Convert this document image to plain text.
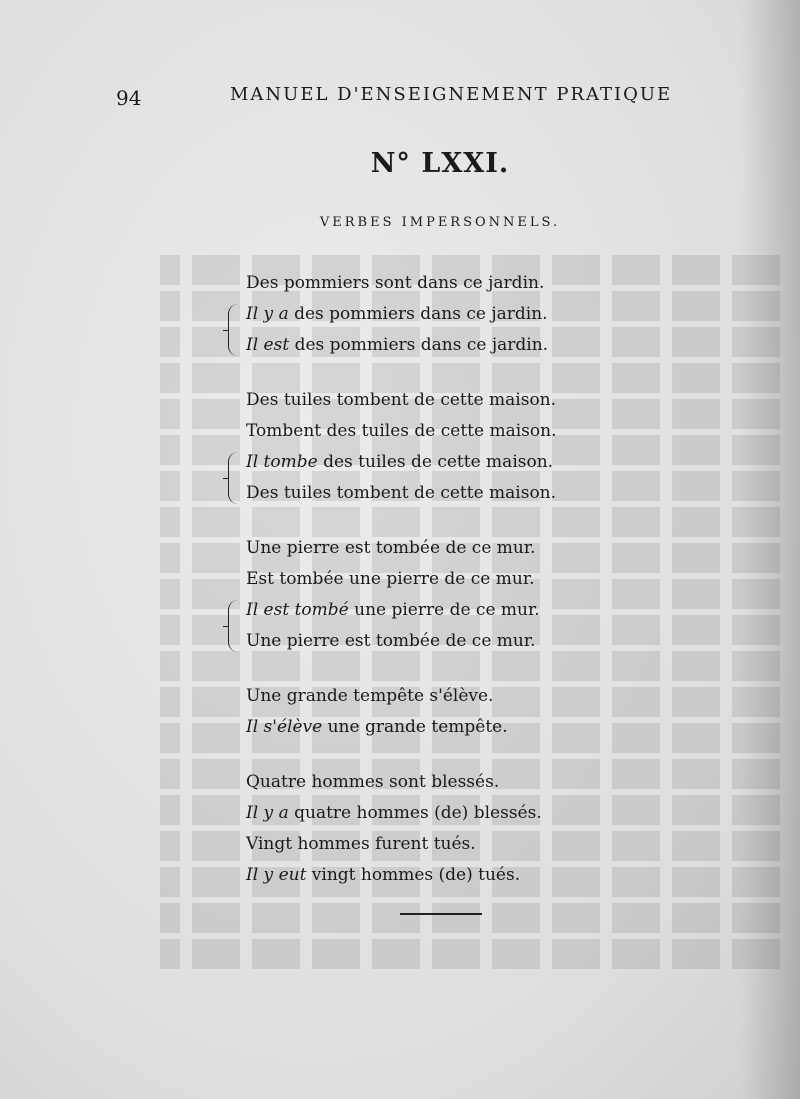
94	MANUEL D'ENSEIGNEMENT PRATIQUE
N° LXXI.
VERBES IMPERSONNELS.
Des pommiers sont dans ce jardin.
Il y a des pommiers dans ce jardin.
Il est des pommiers dans ce jardin.
Des tuiles tombent de cette maison.
Tombent des tuiles de cette maison.
Il tombe des tuiles de cette maison.
Des tuiles tombent de cette maison.
Une pierre est tombée de ce mur.
Est tombée une pierre de ce mur.
Il est tombé une pierre de ce mur.
Une pierre est tombée de ce mur.
Une grande tempête s'élève.
Il s'élève une grande tempête.
Quatre hommes sont blessés.
Il y a quatre hommes (de) blessés.
Vingt hommes furent tués.
Il y eut vingt hommes (de) tués.
